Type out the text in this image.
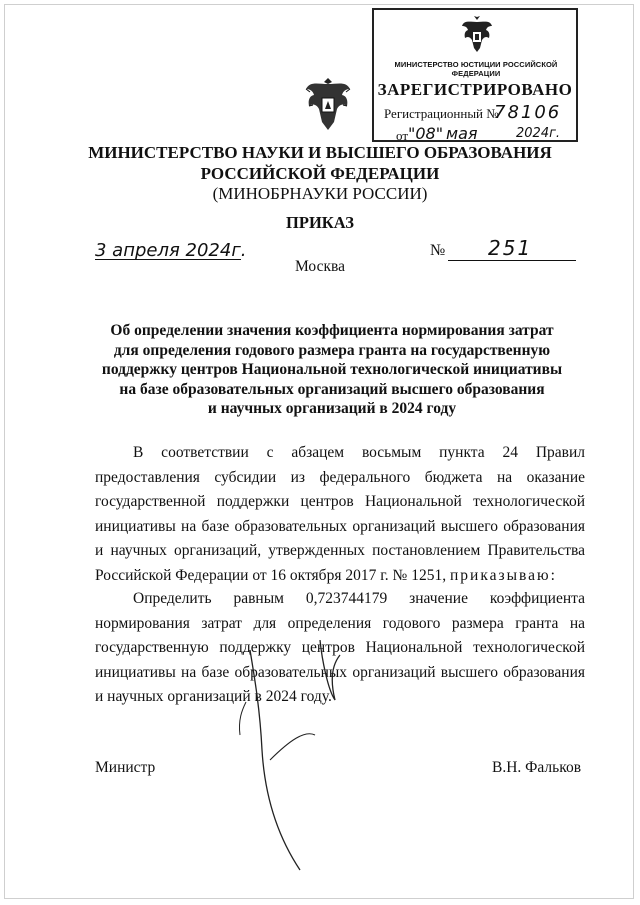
МИНИСТЕРСТВО ЮСТИЦИИ РОССИЙСКОЙ ФЕДЕРАЦИИ
ЗАРЕГИСТРИРОВАНО
Регистрационный №
78106
от "08" мая	2024г.
МИНИСТЕРСТВО НАУКИ И ВЫСШЕГО ОБРАЗОВАНИЯ
РОССИЙСКОЙ ФЕДЕРАЦИИ
(МИНОБРНАУКИ РОССИИ)
ПРИКАЗ
3 апреля 2024г.	№ 251
Москва
Об определении значения коэффициента нормирования затрат
для определения годового размера гранта на государственную
поддержку центров Национальной технологической инициативы
на базе образовательных организаций высшего образования
и научных организаций в 2024 году

В соответствии с абзацем восьмым пункта 24 Правил предоставления субсидии из федерального бюджета на оказание государственной поддержки центров Национальной технологической инициативы на базе образовательных организаций высшего образования и научных организаций, утвержденных постановлением Правительства Российской Федерации от 16 октября 2017 г. № 1251, приказываю:

Определить равным 0,723744179 значение коэффициента нормирования затрат для определения годового размера гранта на государственную поддержку центров Национальной технологической инициативы на базе образовательных организаций высшего образования и научных организаций в 2024 году.

Министр	В.Н. Фальков
